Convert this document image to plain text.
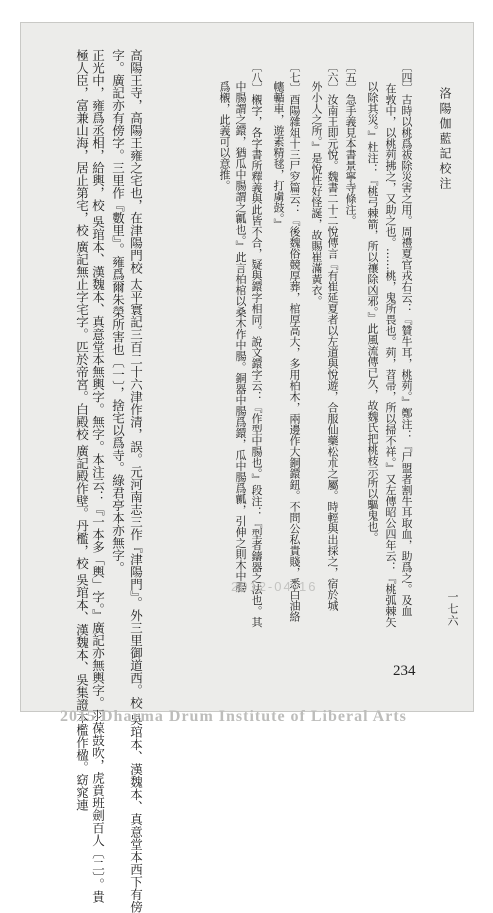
洛陽伽藍記校注
一七六
〔四〕古時以桃爲祓除災害之用。周禮夏官戎右云：『贊牛耳，桃茢。』鄭注：『尸盟者割牛耳取血，助爲之。及血
在敦中，以桃茢拂之，又助之也。……桃，鬼所畏也。茢，苕帚，所以掃不祥。』又左傳昭公四年云：『桃弧棘矢
以除其災。』杜注：『桃弓棘箭，所以禳除凶邪。』此風流傳已久，故魏氏把桃枝示所以驅鬼也。
〔五〕急手義見本書景寧寺條注。
〔六〕汝南王即元悅。魏書二十二悅傳言『有崔延夏者以左道與悅遊，合服仙藥松朮之屬。時輕與出採之，宿於城
外小人之所。』是悅性好怪誕，故賜崔滿黃衣。
〔七〕酉陽雜俎十三尸穸篇云：『後魏俗競厚葬，棺厚高大，多用柏木，兩邊作大銅鐶鈕。不問公私貴賤，悉白油絡
幰輴車，遊素精毬，打虜鼓。』
〔八〕櫬字，各字書所釋義與此皆不合，疑與鐶字相同。說文鐶字云：『作型中腸也。』段注：『型者鑄器之法也。其
中腸謂之鐶，猶瓜中腸謂之瓤也。』此言柏棺以桑木作中腸。銅器中腸爲鐶，瓜中腸爲瓤，引伸之則木中腸
爲櫬，此義可以意推。
高陽王寺，高陽王雍之宅也，在津陽門校 太平寰記三百二十六津作清，誤。元河南志三作『津陽門』。外三里御道西。校 吳琯本、漢魏本、真意堂本西下有傍
字。廣記亦有傍字。三里作『數里』。雍爲爾朱榮所害也〔一〕，捨宅以爲寺。綠君亭本亦無字。
正光中，雍爲丞相，給輿，校 吳琯本、漢魏本、真意堂本無輿字。無字。本注云：『一本多「輿」字。』廣記亦無輿字。羽葆鼓吹，虎賁班劍百人〔二〕。貴
極人臣，富兼山海，居止第宅，校 廣記無止字宅字。匹於帝宮。白殿校 廣記殿作壁。丹檻，校 吳琯本、漢魏本、吳集證本檻作楹。窈窕連	2012-04-16
234
2015 Dharma Drum Institute of Liberal Arts
